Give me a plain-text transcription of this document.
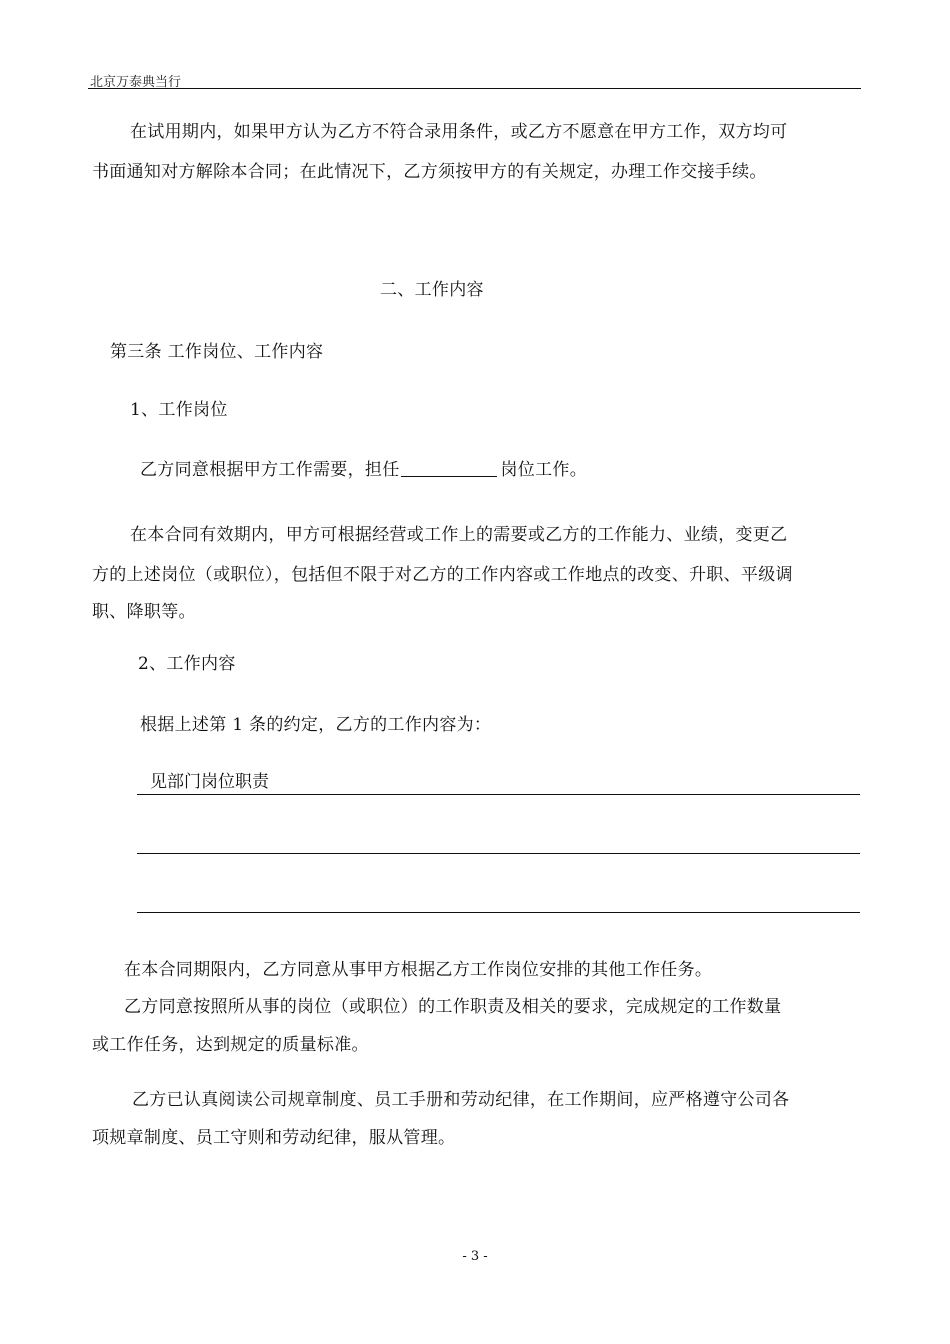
北京万泰典当行
在试用期内，如果甲方认为乙方不符合录用条件，或乙方不愿意在甲方工作，双方均可
书面通知对方解除本合同；在此情况下，乙方须按甲方的有关规定，办理工作交接手续。
二、工作内容
第三条 工作岗位、工作内容
1、工作岗位
乙方同意根据甲方工作需要，担任	岗位工作。
在本合同有效期内，甲方可根据经营或工作上的需要或乙方的工作能力、业绩，变更乙
方的上述岗位（或职位），包括但不限于对乙方的工作内容或工作地点的改变、升职、平级调
职、降职等。
2、工作内容
根据上述第 1 条的约定，乙方的工作内容为：
见部门岗位职责
在本合同期限内，乙方同意从事甲方根据乙方工作岗位安排的其他工作任务。
乙方同意按照所从事的岗位（或职位）的工作职责及相关的要求，完成规定的工作数量
或工作任务，达到规定的质量标准。
乙方已认真阅读公司规章制度、员工手册和劳动纪律，在工作期间，应严格遵守公司各
项规章制度、员工守则和劳动纪律，服从管理。
- 3 -
